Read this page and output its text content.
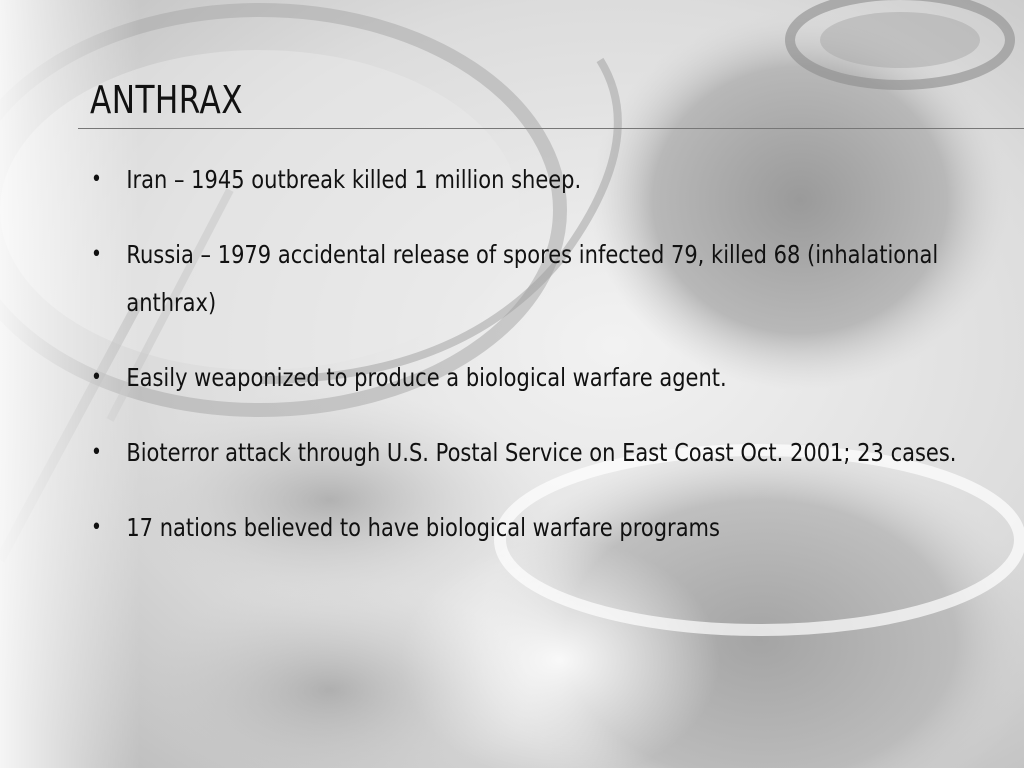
ANTHRAX
• Iran – 1945 outbreak killed 1 million sheep.
• Russia – 1979 accidental release of spores infected 79, killed 68 (inhalational anthrax)
• Easily weaponized to produce a biological warfare agent.
• Bioterror attack through U.S. Postal Service on East Coast Oct. 2001; 23 cases.
• 17 nations believed to have biological warfare programs
